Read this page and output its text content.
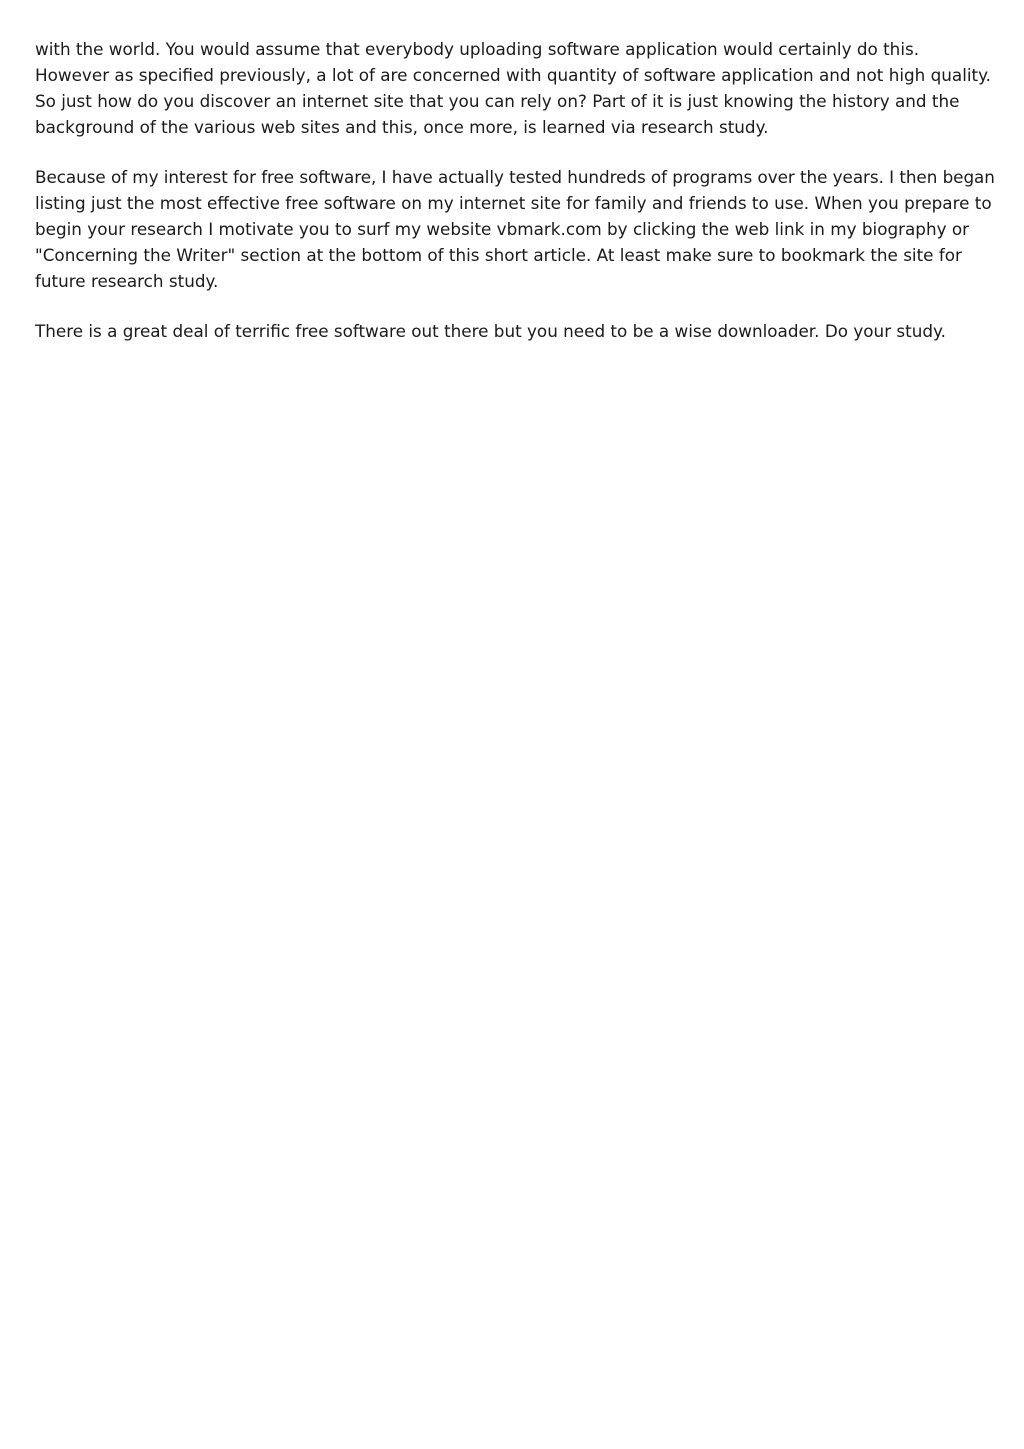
with the world. You would assume that everybody uploading software application would certainly do this.
However as specified previously, a lot of are concerned with quantity of software application and not high quality.
So just how do you discover an internet site that you can rely on? Part of it is just knowing the history and the
background of the various web sites and this, once more, is learned via research study.

Because of my interest for free software, I have actually tested hundreds of programs over the years. I then began
listing just the most effective free software on my internet site for family and friends to use. When you prepare to
begin your research I motivate you to surf my website vbmark.com by clicking the web link in my biography or
"Concerning the Writer" section at the bottom of this short article. At least make sure to bookmark the site for
future research study.

There is a great deal of terrific free software out there but you need to be a wise downloader. Do your study.
